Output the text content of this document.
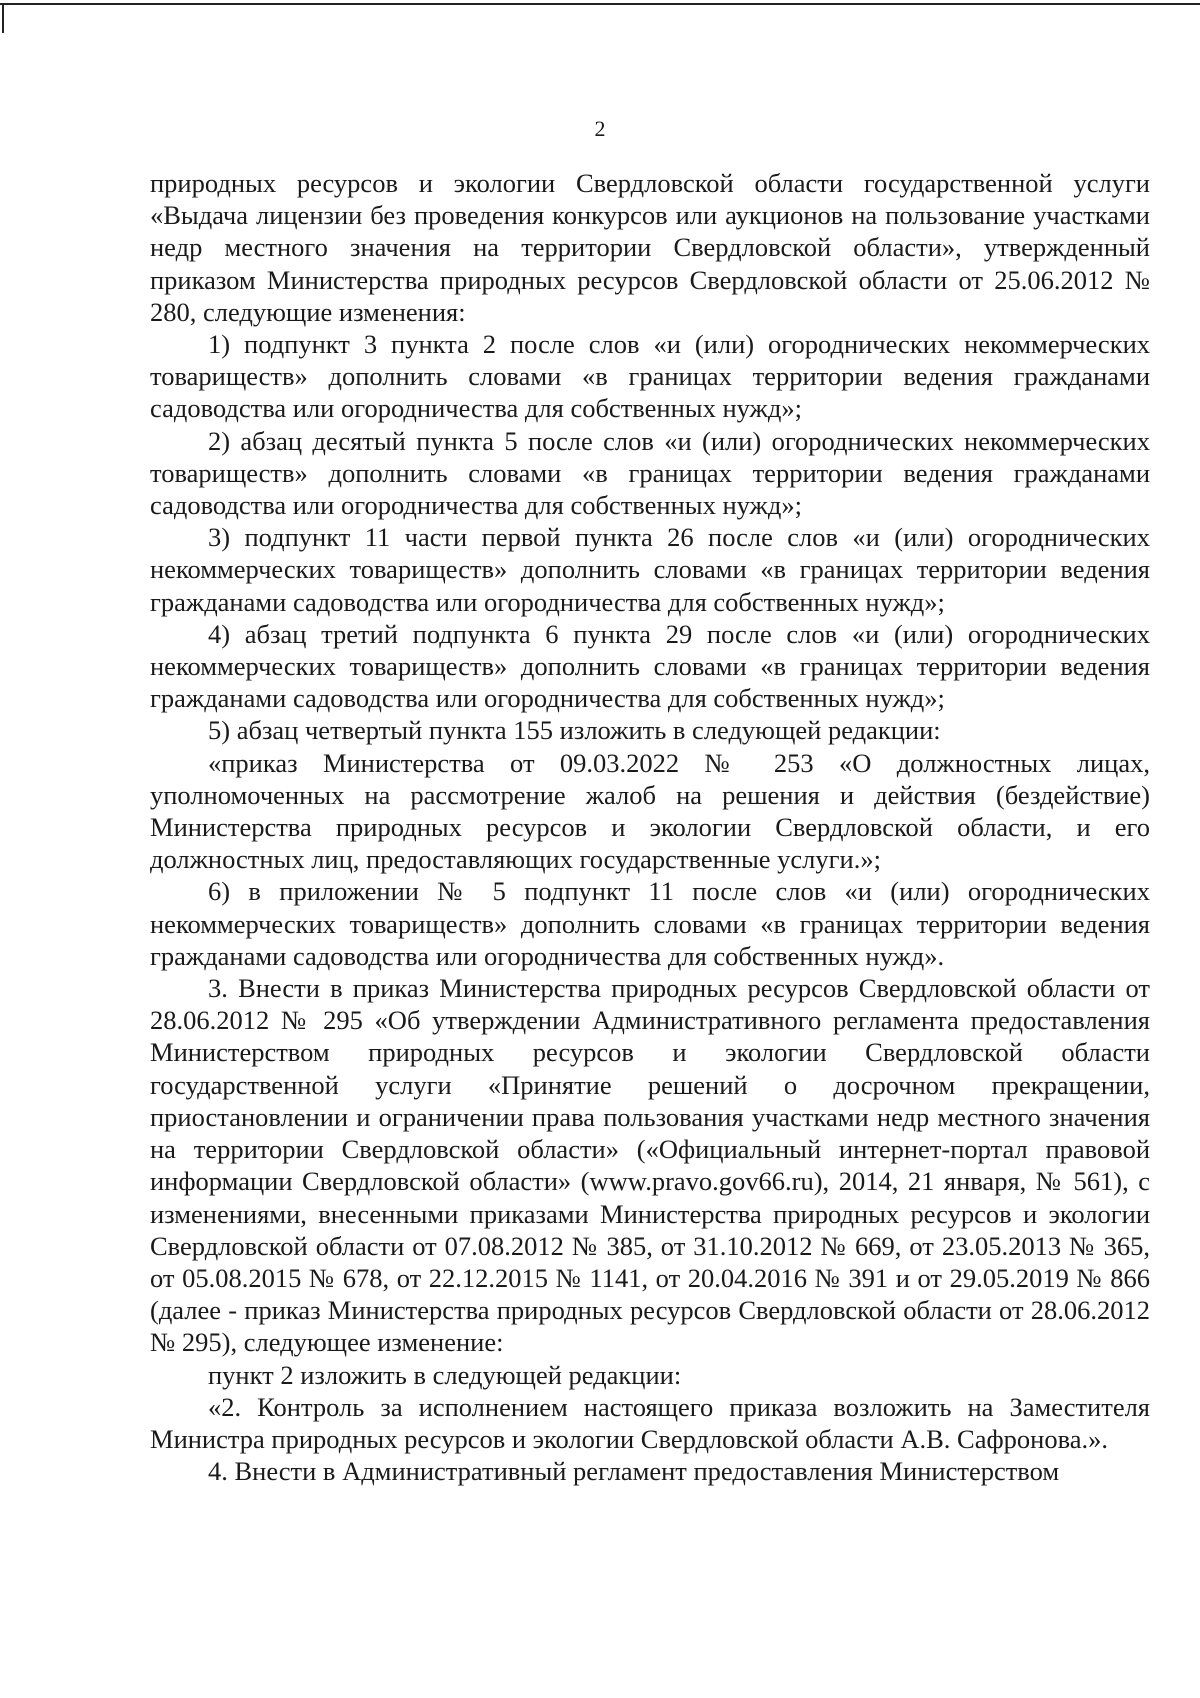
2

природных ресурсов и экологии Свердловской области государственной услуги «Выдача лицензии без проведения конкурсов или аукционов на пользование участками недр местного значения на территории Свердловской области», утвержденный приказом Министерства природных ресурсов Свердловской области от 25.06.2012 № 280, следующие изменения:

1) подпункт 3 пункта 2 после слов «и (или) огороднических некоммерческих товариществ» дополнить словами «в границах территории ведения гражданами садоводства или огородничества для собственных нужд»;

2) абзац десятый пункта 5 после слов «и (или) огороднических некоммерческих товариществ» дополнить словами «в границах территории ведения гражданами садоводства или огородничества для собственных нужд»;

3) подпункт 11 части первой пункта 26 после слов «и (или) огороднических некоммерческих товариществ» дополнить словами «в границах территории ведения гражданами садоводства или огородничества для собственных нужд»;

4) абзац третий подпункта 6 пункта 29 после слов «и (или) огороднических некоммерческих товариществ» дополнить словами «в границах территории ведения гражданами садоводства или огородничества для собственных нужд»;

5) абзац четвертый пункта 155 изложить в следующей редакции:

«приказ Министерства от 09.03.2022 № 253 «О должностных лицах, уполномоченных на рассмотрение жалоб на решения и действия (бездействие) Министерства природных ресурсов и экологии Свердловской области, и его должностных лиц, предоставляющих государственные услуги.»;

6) в приложении № 5 подпункт 11 после слов «и (или) огороднических некоммерческих товариществ» дополнить словами «в границах территории ведения гражданами садоводства или огородничества для собственных нужд».

3. Внести в приказ Министерства природных ресурсов Свердловской области от 28.06.2012 № 295 «Об утверждении Административного регламента предоставления Министерством природных ресурсов и экологии Свердловской области государственной услуги «Принятие решений о досрочном прекращении, приостановлении и ограничении права пользования участками недр местного значения на территории Свердловской области» («Официальный интернет-портал правовой информации Свердловской области» (www.pravo.gov66.ru), 2014, 21 января, № 561), с изменениями, внесенными приказами Министерства природных ресурсов и экологии Свердловской области от 07.08.2012 № 385, от 31.10.2012 № 669, от 23.05.2013 № 365, от 05.08.2015 № 678, от 22.12.2015 № 1141, от 20.04.2016 № 391 и от 29.05.2019 № 866 (далее - приказ Министерства природных ресурсов Свердловской области от 28.06.2012 № 295), следующее изменение:

пункт 2 изложить в следующей редакции:

«2. Контроль за исполнением настоящего приказа возложить на Заместителя Министра природных ресурсов и экологии Свердловской области А.В. Сафронова.».

4. Внести в Административный регламент предоставления Министерством
